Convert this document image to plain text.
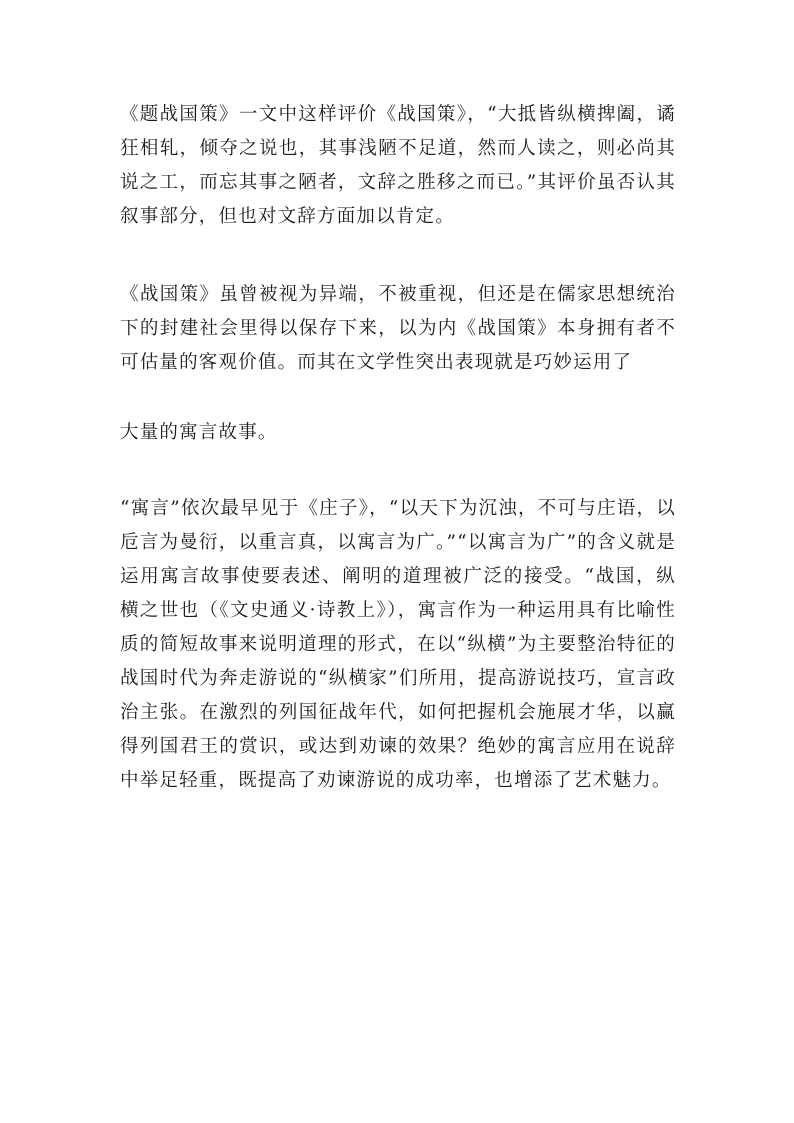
《题战国策》一文中这样评价《战国策》，“大抵皆纵横捭阖，谲狂相轧，倾夺之说也，其事浅陋不足道，然而人读之，则必尚其说之工，而忘其事之陋者，文辞之胜移之而已。”其评价虽否认其叙事部分，但也对文辞方面加以肯定。

《战国策》虽曾被视为异端，不被重视，但还是在儒家思想统治下的封建社会里得以保存下来，以为内《战国策》本身拥有者不可估量的客观价值。而其在文学性突出表现就是巧妙运用了

大量的寓言故事。

“寓言”依次最早见于《庄子》，“以天下为沉浊，不可与庄语，以卮言为曼衍，以重言真，以寓言为广。”“以寓言为广”的含义就是运用寓言故事使要表述、阐明的道理被广泛的接受。“战国，纵横之世也（《文史通义·诗教上》），寓言作为一种运用具有比喻性质的简短故事来说明道理的形式，在以“纵横”为主要整治特征的战国时代为奔走游说的“纵横家”们所用，提高游说技巧，宣言政治主张。在激烈的列国征战年代，如何把握机会施展才华，以赢得列国君王的赏识，或达到劝谏的效果？绝妙的寓言应用在说辞中举足轻重，既提高了劝谏游说的成功率，也增添了艺术魅力。
